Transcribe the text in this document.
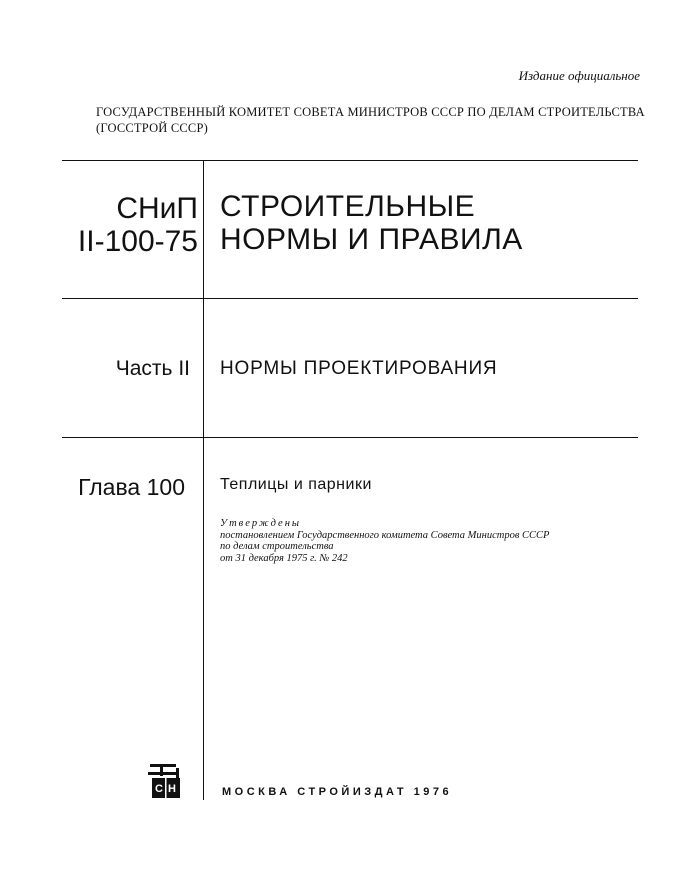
Издание официальное
ГОСУДАРСТВЕННЫЙ КОМИТЕТ СОВЕТА МИНИСТРОВ СССР ПО ДЕЛАМ СТРОИТЕЛЬСТВА
(ГОССТРОЙ СССР)
СНиП
II-100-75
СТРОИТЕЛЬНЫЕ
НОРМЫ И ПРАВИЛА
Часть II НОРМЫ ПРОЕКТИРОВАНИЯ
Глава 100 Теплицы и парники
Утверждены
постановлением Государственного комитета Совета Министров СССР
по делам строительства
от 31 декабря 1975 г. № 242
СН	МОСКВА СТРОЙИЗДАТ 1976
